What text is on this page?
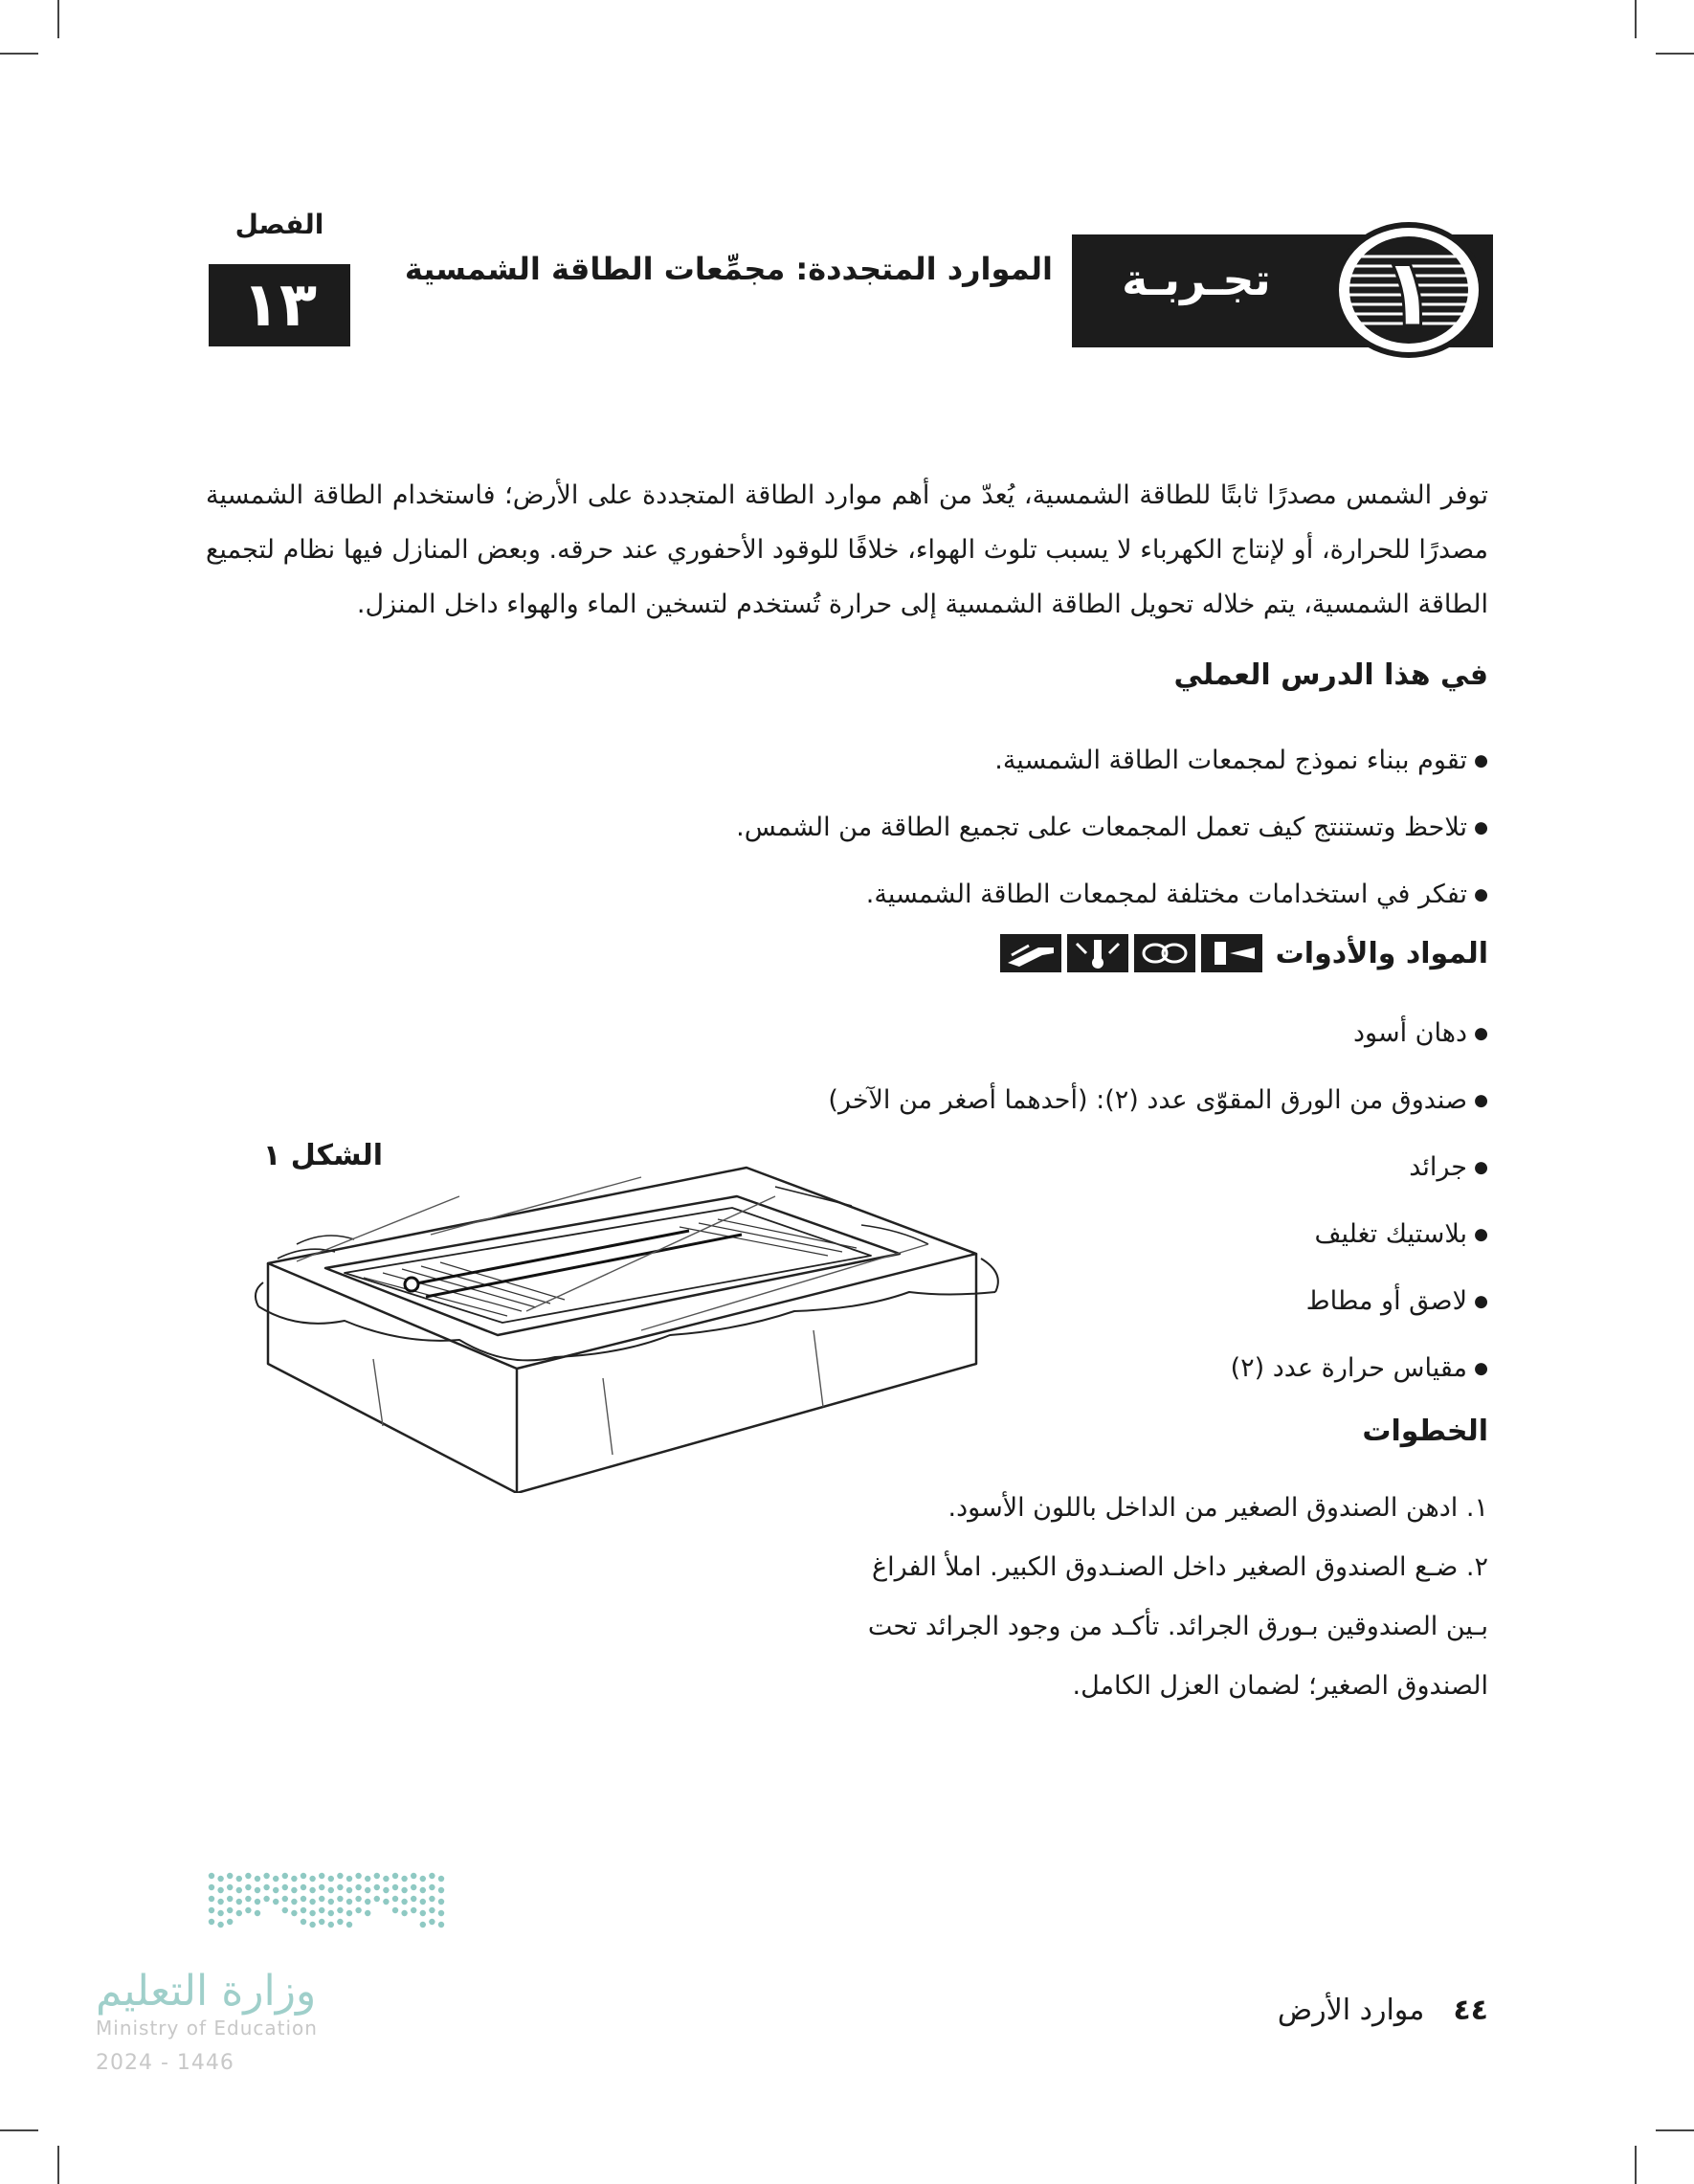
الفصل
١٣
الموارد المتجددة: مجمِّعات الطاقة الشمسية تجـربـة ١

توفر الشمس مصدرًا ثابتًا للطاقة الشمسية، يُعدّ من أهم موارد الطاقة المتجددة على الأرض؛ فاستخدام الطاقة الشمسية مصدرًا للحرارة، أو لإنتاج الكهرباء لا يسبب تلوث الهواء، خلافًا للوقود الأحفوري عند حرقه. وبعض المنازل فيها نظام لتجميع الطاقة الشمسية، يتم خلاله تحويل الطاقة الشمسية إلى حرارة تُستخدم لتسخين الماء والهواء داخل المنزل.

في هذا الدرس العملي
● تقوم ببناء نموذج لمجمعات الطاقة الشمسية.
● تلاحظ وتستنتج كيف تعمل المجمعات على تجميع الطاقة من الشمس.
● تفكر في استخدامات مختلفة لمجمعات الطاقة الشمسية.
المواد والأدوات
● دهان أسود
● صندوق من الورق المقوّى عدد (٢): (أحدهما أصغر من الآخر)
● جرائد
● بلاستيك تغليف
● لاصق أو مطاط
● مقياس حرارة عدد (٢)
الشكل ١
الخطوات
١. ادهن الصندوق الصغير من الداخل باللون الأسود.
٢. ضـع الصندوق الصغير داخل الصنـدوق الكبير. املأ الفراغ بـين الصندوقين بـورق الجرائد. تأكـد من وجود الجرائد تحت الصندوق الصغير؛ لضمان العزل الكامل.
وزارة التعليم
Ministry of Education
2024 - 1446
٤٤
موارد الأرض
